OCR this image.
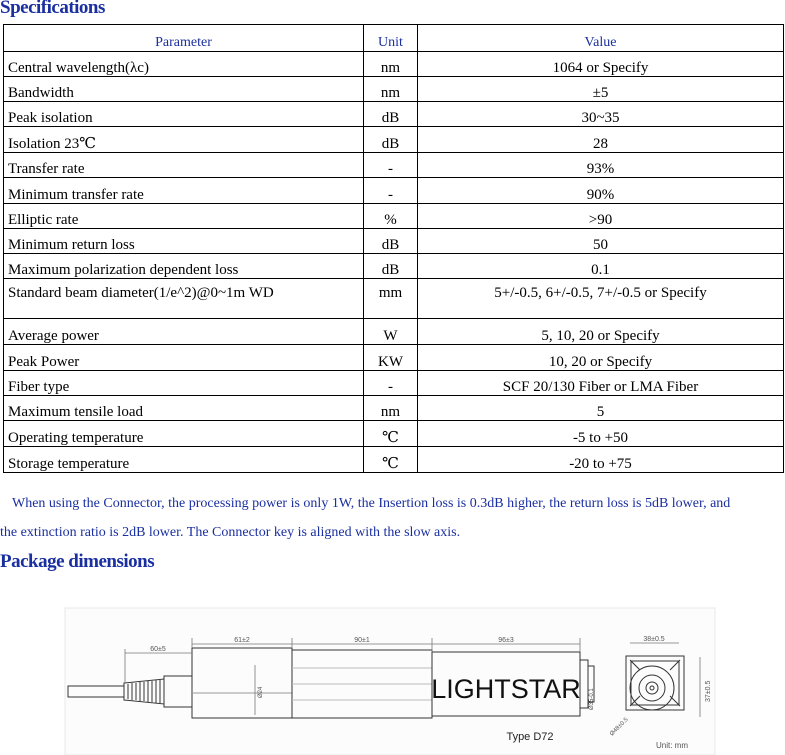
Specifications
Parameter	Unit	Value
Central wavelength(λc)	nm	1064 or Specify
Bandwidth	nm	±5
Peak isolation	dB	30~35
Isolation 23℃	dB	28
Transfer rate	-	93%
Minimum transfer rate	-	90%
Elliptic rate	%	>90
Minimum return loss	dB	50
Maximum polarization dependent loss	dB	0.1
Standard beam diameter(1/e^2)@0~1m WD	mm	5+/-0.5, 6+/-0.5, 7+/-0.5 or Specify
Average power	W	5, 10, 20 or Specify
Peak Power	KW	10, 20 or Specify
Fiber type	-	SCF 20/130 Fiber or LMA Fiber
Maximum tensile load	nm	5
Operating temperature	℃	-5 to +50
Storage temperature	℃	-20 to +75
When using the Connector, the processing power is only 1W, the Insertion loss is 0.3dB higher, the return loss is 5dB lower, and
the extinction ratio is 2dB lower. The Connector key is aligned with the slow axis.
Package dimensions
LIGHTSTAR
60±5
61±2	90±1	96±3	38±0.5
37±0.5
Ø35-0.1
Ø24
Ø48±0.5
Type D72
Unit: mm
